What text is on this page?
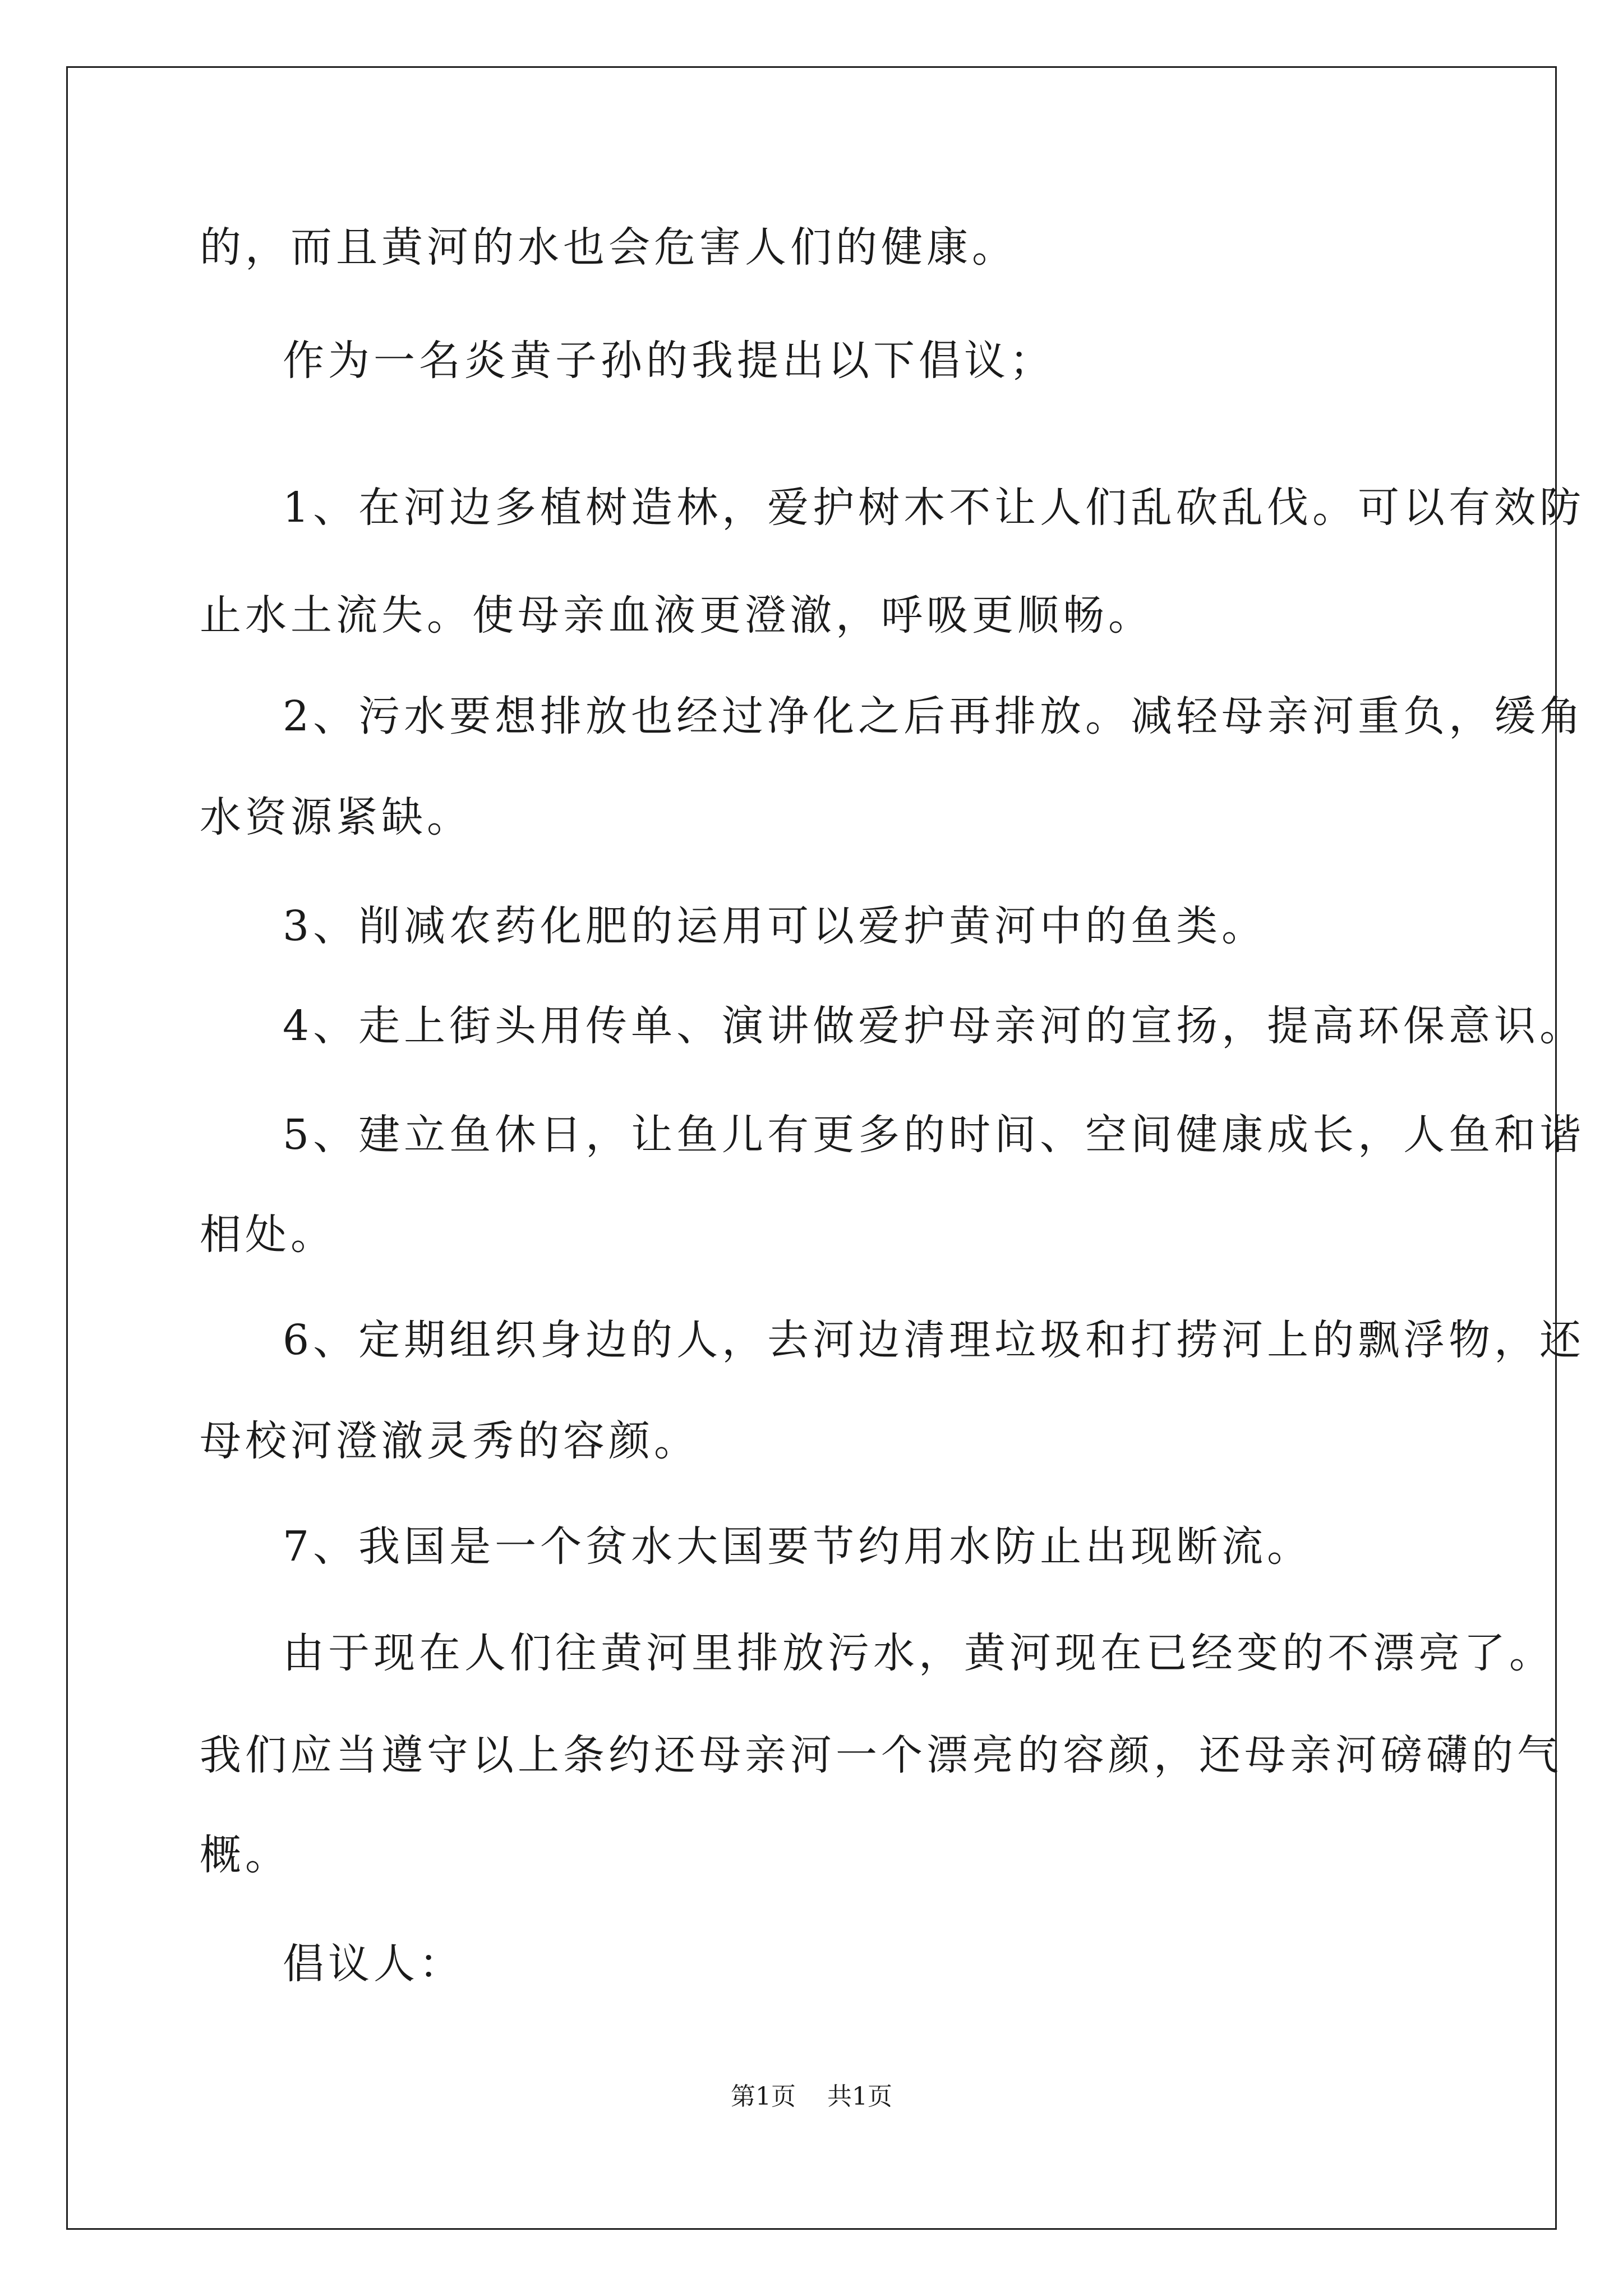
的，而且黄河的水也会危害人们的健康。

作为一名炎黄子孙的我提出以下倡议；

1、在河边多植树造林，爱护树木不让人们乱砍乱伐。可以有效防

止水土流失。使母亲血液更澄澈，呼吸更顺畅。

2、污水要想排放也经过净化之后再排放。减轻母亲河重负，缓角

水资源紧缺。

3、削减农药化肥的运用可以爱护黄河中的鱼类。

4、走上街头用传单、演讲做爱护母亲河的宣扬，提高环保意识。

5、建立鱼休日，让鱼儿有更多的时间、空间健康成长，人鱼和谐

相处。

6、定期组织身边的人，去河边清理垃圾和打捞河上的飘浮物，还

母校河澄澈灵秀的容颜。

7、我国是一个贫水大国要节约用水防止出现断流。

由于现在人们往黄河里排放污水，黄河现在已经变的不漂亮了。

我们应当遵守以上条约还母亲河一个漂亮的容颜，还母亲河磅礴的气

概。

倡议人：

第1页 共1页
